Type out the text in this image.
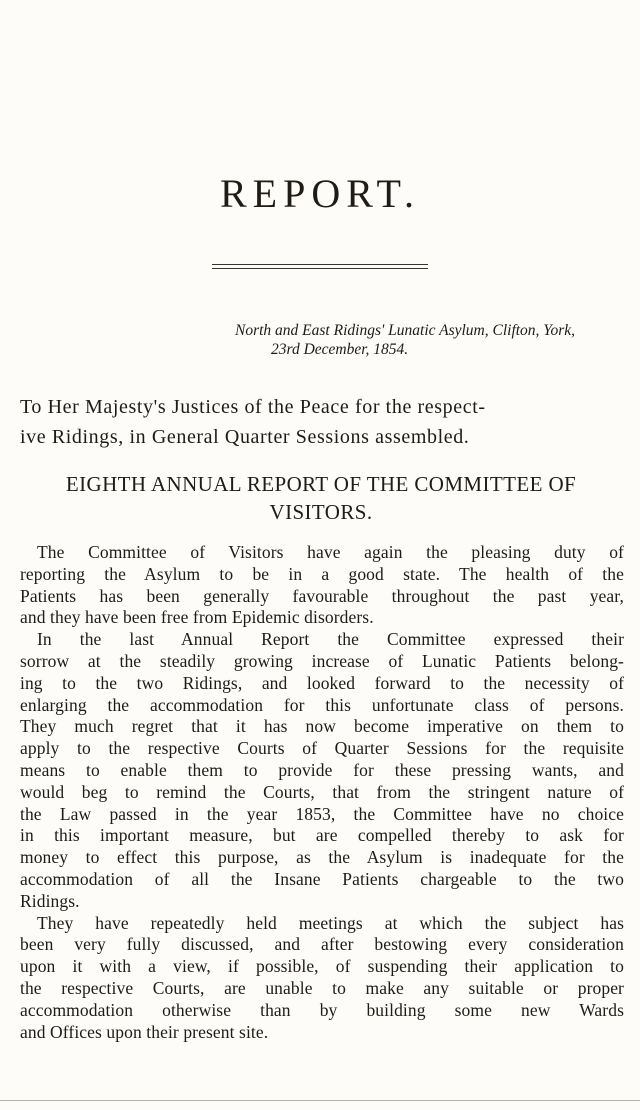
REPORT.
North and East Ridings' Lunatic Asylum, Clifton, York,
23rd December, 1854.
To Her Majesty's Justices of the Peace for the respect-
ive Ridings, in General Quarter Sessions assembled.
EIGHTH ANNUAL REPORT OF THE COMMITTEE OF
VISITORS.
The Committee of Visitors have again the pleasing duty of
reporting the Asylum to be in a good state. The health of the
Patients has been generally favourable throughout the past year,
and they have been free from Epidemic disorders.
In the last Annual Report the Committee expressed their
sorrow at the steadily growing increase of Lunatic Patients belong-
ing to the two Ridings, and looked forward to the necessity of
enlarging the accommodation for this unfortunate class of persons.
They much regret that it has now become imperative on them to
apply to the respective Courts of Quarter Sessions for the requisite
means to enable them to provide for these pressing wants, and
would beg to remind the Courts, that from the stringent nature of
the Law passed in the year 1853, the Committee have no choice
in this important measure, but are compelled thereby to ask for
money to effect this purpose, as the Asylum is inadequate for the
accommodation of all the Insane Patients chargeable to the two
Ridings.
They have repeatedly held meetings at which the subject has
been very fully discussed, and after bestowing every consideration
upon it with a view, if possible, of suspending their application to
the respective Courts, are unable to make any suitable or proper
accommodation otherwise than by building some new Wards
and Offices upon their present site.
